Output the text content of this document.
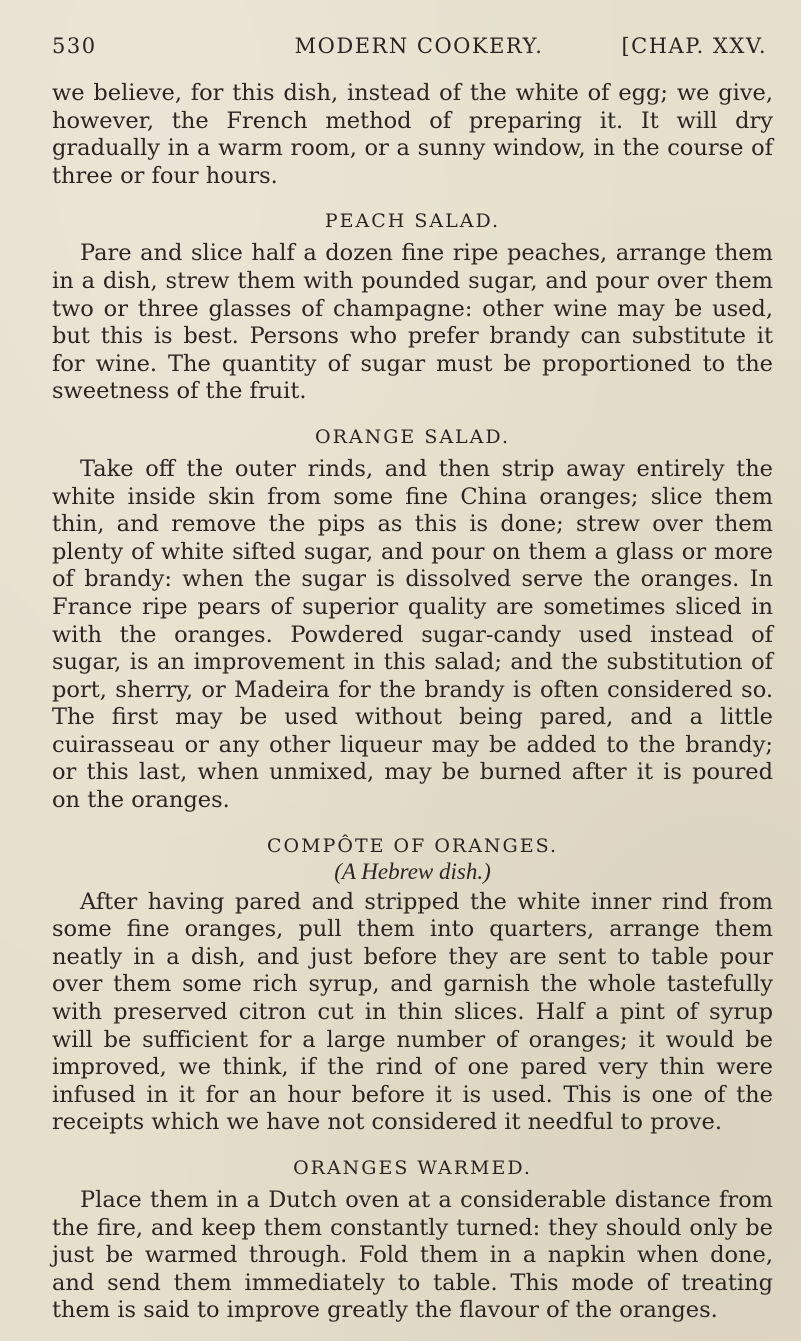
530	MODERN COOKERY.	[CHAP. XXV.

we believe, for this dish, instead of the white of egg; we give, however, the French method of preparing it. It will dry gradually in a warm room, or a sunny window, in the course of three or four hours.

PEACH SALAD.

Pare and slice half a dozen fine ripe peaches, arrange them in a dish, strew them with pounded sugar, and pour over them two or three glasses of champagne: other wine may be used, but this is best. Persons who prefer brandy can substitute it for wine. The quantity of sugar must be proportioned to the sweetness of the fruit.

ORANGE SALAD.

Take off the outer rinds, and then strip away entirely the white inside skin from some fine China oranges; slice them thin, and remove the pips as this is done; strew over them plenty of white sifted sugar, and pour on them a glass or more of brandy: when the sugar is dissolved serve the oranges. In France ripe pears of superior quality are sometimes sliced in with the oranges. Powdered sugar-candy used instead of sugar, is an improvement in this salad; and the substitution of port, sherry, or Madeira for the brandy is often considered so. The first may be used without being pared, and a little cuirasseau or any other liqueur may be added to the brandy; or this last, when unmixed, may be burned after it is poured on the oranges.

COMPÔTE OF ORANGES.
(A Hebrew dish.)

After having pared and stripped the white inner rind from some fine oranges, pull them into quarters, arrange them neatly in a dish, and just before they are sent to table pour over them some rich syrup, and garnish the whole tastefully with preserved citron cut in thin slices. Half a pint of syrup will be sufficient for a large number of oranges; it would be improved, we think, if the rind of one pared very thin were infused in it for an hour before it is used. This is one of the receipts which we have not considered it needful to prove.

ORANGES WARMED.

Place them in a Dutch oven at a considerable distance from the fire, and keep them constantly turned: they should only be just be warmed through. Fold them in a napkin when done, and send them immediately to table. This mode of treating them is said to improve greatly the flavour of the oranges.
